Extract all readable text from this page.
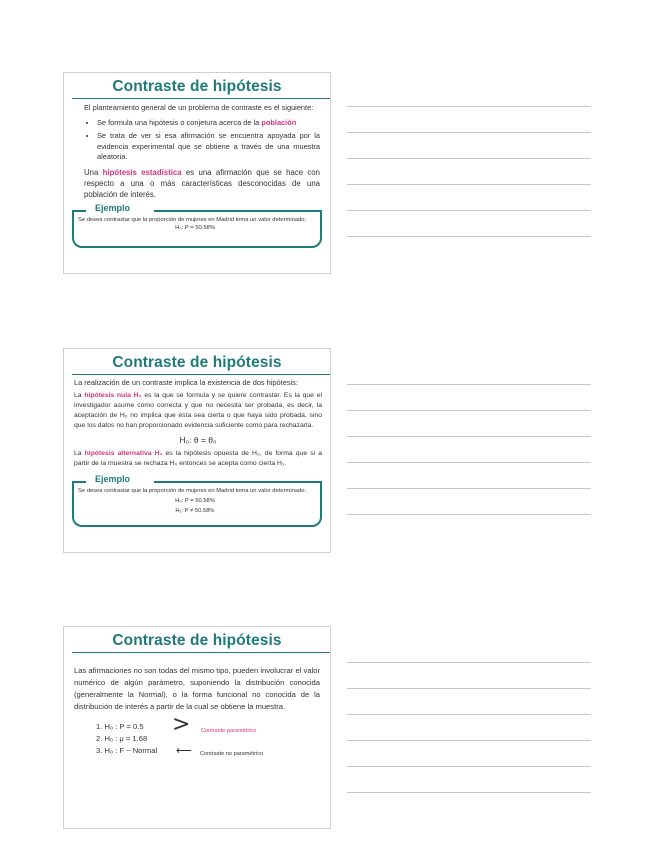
Contraste de hipótesis
El planteamiento general de un problema de contraste es el siguiente:
• Se formula una hipótesis o conjetura acerca de la población
• Se trata de ver si esa afirmación se encuentra apoyada por la evidencia experimental que se obtiene a través de una muestra aleatoria.
Una hipótesis estadística es una afirmación que se hace con respecto a una o más características desconocidas de una población de interés.
Ejemplo
Se desea contrastar que la proporción de mujeres en Madrid toma un valor determinado:
H₀: P = 50.58%
Contraste de hipótesis
La realización de un contraste implica la existencia de dos hipótesis:
La hipótesis nula H₀ es la que se formula y se quiere contrastar. Es la que el investigador asume como correcta y que no necesita ser probada, es decir, la aceptación de H₀ no implica que ésta sea cierta o que haya sido probada, sino que los datos no han proporcionado evidencia suficiente como para rechazarla.
H₀: θ = θ₀
La hipótesis alternativa H₁ es la hipótesis opuesta de H₀, de forma que si a partir de la muestra se rechaza H₀ entonces se acepta como cierta H₁.
Ejemplo
Se desea contrastar que la proporción de mujeres en Madrid toma un valor determinado:
H₀: P = 50.58%
H₁: P ≠ 50.58%
Contraste de hipótesis
Las afirmaciones no son todas del mismo tipo, pueden involucrar el valor numérico de algún parámetro, suponiendo la distribución conocida (generalmente la Normal), o la forma funcional no conocida de la distribución de interés a partir de la cual se obtiene la muestra.
1. H₀ : P = 0.5
2. H₀ : μ = 1.68
3. H₀ : F ~ Normal
> Contraste paramétrico
⟵ Contraste no paramétrico
